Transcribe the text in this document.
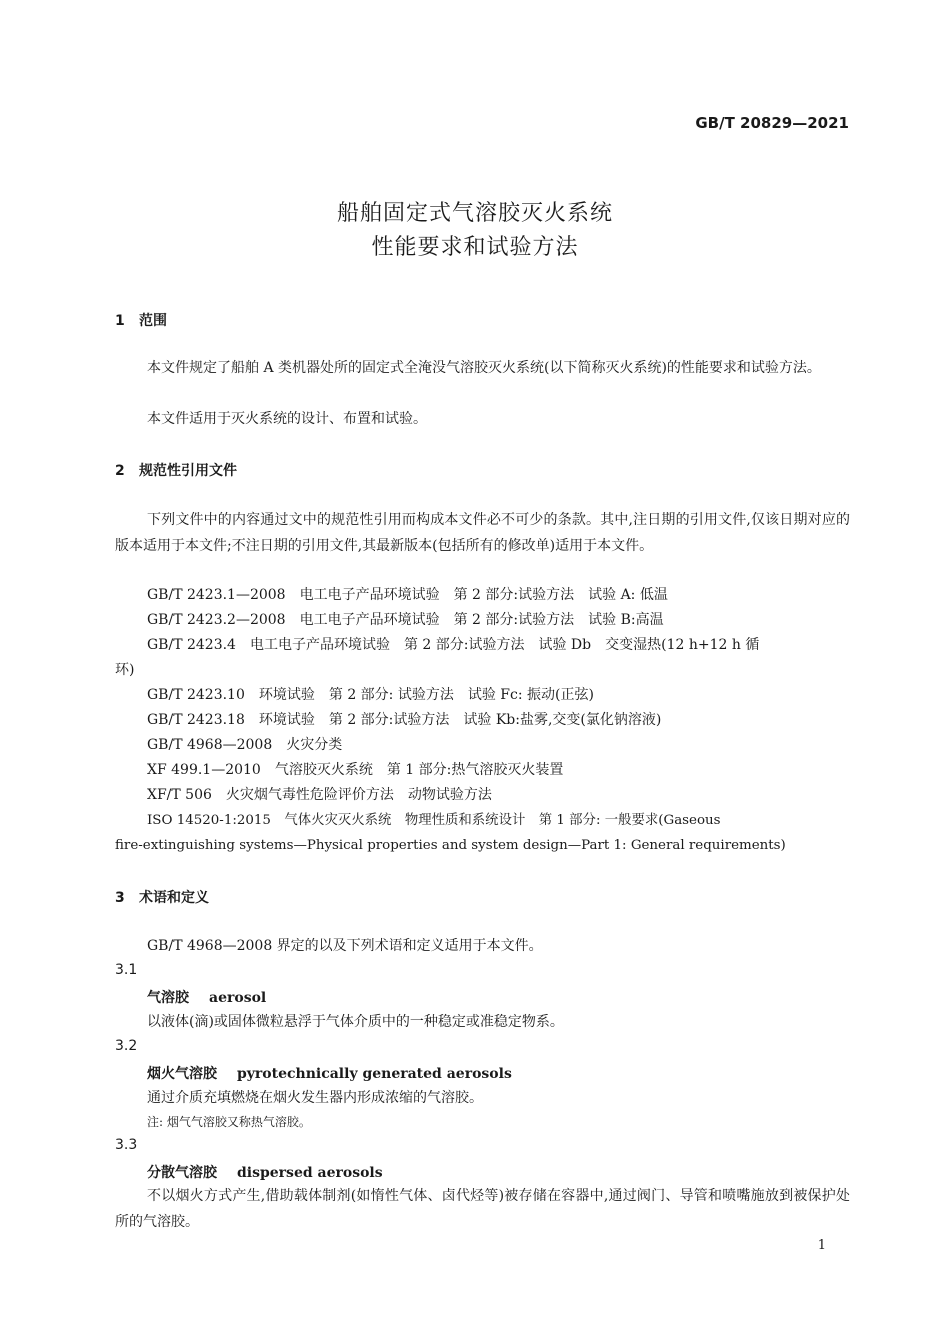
GB/T 20829—2021
船舶固定式气溶胶灭火系统
性能要求和试验方法
1 范围
本文件规定了船舶 A 类机器处所的固定式全淹没气溶胶灭火系统(以下简称灭火系统)的性能要求和试验方法。
本文件适用于灭火系统的设计、布置和试验。
2 规范性引用文件
下列文件中的内容通过文中的规范性引用而构成本文件必不可少的条款。其中,注日期的引用文件,仅该日期对应的版本适用于本文件;不注日期的引用文件,其最新版本(包括所有的修改单)适用于本文件。
GB/T 2423.1—2008　电工电子产品环境试验　第 2 部分:试验方法　试验 A: 低温
GB/T 2423.2—2008　电工电子产品环境试验　第 2 部分:试验方法　试验 B:高温
GB/T 2423.4　电工电子产品环境试验　第 2 部分:试验方法　试验 Db　交变湿热(12 h+12 h 循
环)
GB/T 2423.10　环境试验　第 2 部分: 试验方法　试验 Fc: 振动(正弦)
GB/T 2423.18　环境试验　第 2 部分:试验方法　试验 Kb:盐雾,交变(氯化钠溶液)
GB/T 4968—2008　火灾分类
XF 499.1—2010　气溶胶灭火系统　第 1 部分:热气溶胶灭火装置
XF/T 506　火灾烟气毒性危险评价方法　动物试验方法
ISO 14520-1:2015　气体火灾灭火系统　物理性质和系统设计　第 1 部分: 一般要求(Gaseous
fire-extinguishing systems—Physical properties and system design—Part 1: General requirements)
3 术语和定义
GB/T 4968—2008 界定的以及下列术语和定义适用于本文件。
3.1
气溶胶 aerosol
以液体(滴)或固体微粒悬浮于气体介质中的一种稳定或准稳定物系。
3.2
烟火气溶胶 pyrotechnically generated aerosols
通过介质充填燃烧在烟火发生器内形成浓缩的气溶胶。
注: 烟气气溶胶又称热气溶胶。
3.3
分散气溶胶 dispersed aerosols
不以烟火方式产生,借助载体制剂(如惰性气体、卤代烃等)被存储在容器中,通过阀门、导管和喷嘴施放到被保护处所的气溶胶。
1
